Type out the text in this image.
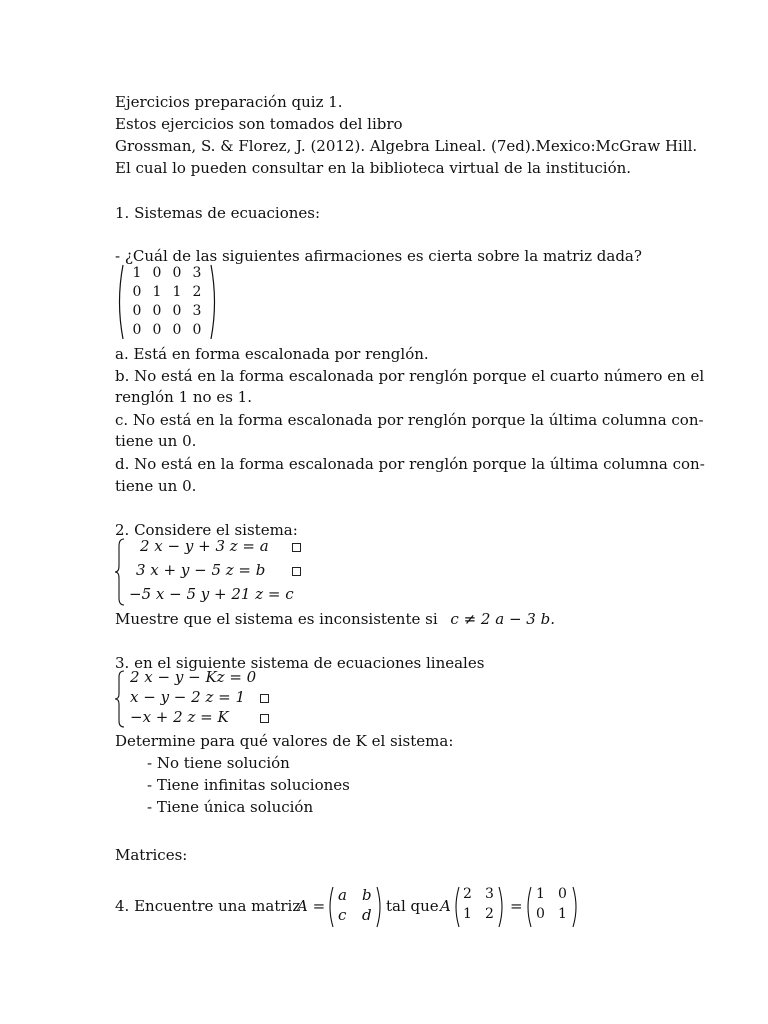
Ejercicios preparación quiz 1.
Estos ejercicios son tomados del libro
Grossman, S. & Florez, J. (2012). Algebra Lineal. (7ed).Mexico:McGraw Hill.
El cual lo pueden consultar en la biblioteca virtual de la institución.
1. Sistemas de ecuaciones:
- ¿Cuál de las siguientes afirmaciones es cierta sobre la matriz dada?
1 0 0 3
0 1 1 2
0 0 0 3
0 0 0 0
a. Está en forma escalonada por renglón.
b. No está en la forma escalonada por renglón porque el cuarto número en el
renglón 1 no es 1.
c. No está en la forma escalonada por renglón porque la última columna con-
tiene un 0.
d. No está en la forma escalonada por renglón porque la última columna con-
tiene un 0.
2. Considere el sistema:
2 x − y + 3 z = a
3 x + y − 5 z = b
−5 x − 5 y + 21 z = c
Muestre que el sistema es inconsistente si c ≠ 2 a − 3 b.
3. en el siguiente sistema de ecuaciones lineales
2 x − y − Kz = 0
x − y − 2 z = 1
−x + 2 z = K
Determine para qué valores de K el sistema:
- No tiene solución
- Tiene infinitas soluciones
- Tiene única solución
Matrices:
4. Encuentre una matriz
A =
a b
c d tal que A
2 3
1 2 =
1 0
0 1
